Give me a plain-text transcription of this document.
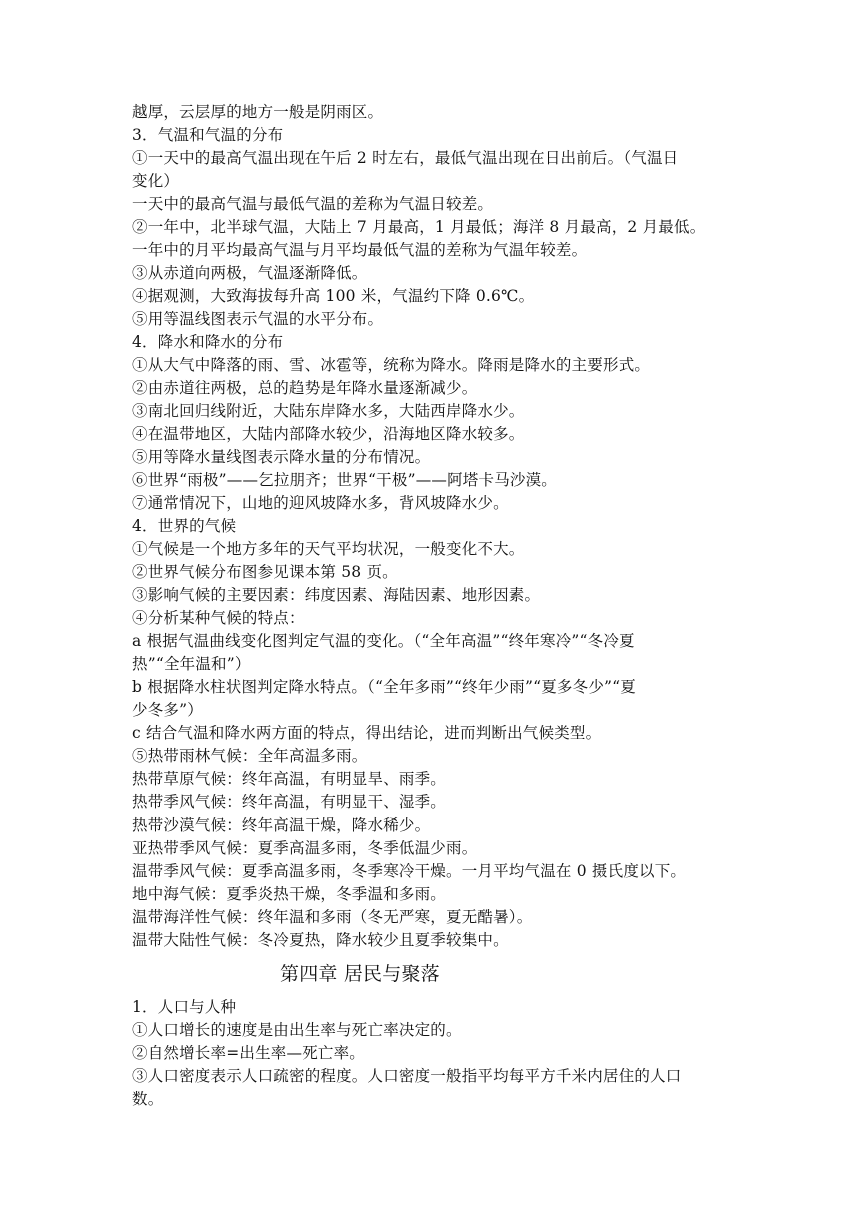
越厚，云层厚的地方一般是阴雨区。
3．气温和气温的分布
①一天中的最高气温出现在午后 2 时左右，最低气温出现在日出前后。（气温日
变化）
一天中的最高气温与最低气温的差称为气温日较差。
②一年中，北半球气温，大陆上 7 月最高，1 月最低；海洋 8 月最高，2 月最低。
一年中的月平均最高气温与月平均最低气温的差称为气温年较差。
③从赤道向两极，气温逐渐降低。
④据观测，大致海拔每升高 100 米，气温约下降 0.6℃。
⑤用等温线图表示气温的水平分布。
4．降水和降水的分布
①从大气中降落的雨、雪、冰雹等，统称为降水。降雨是降水的主要形式。
②由赤道往两极，总的趋势是年降水量逐渐减少。
③南北回归线附近，大陆东岸降水多，大陆西岸降水少。
④在温带地区，大陆内部降水较少，沿海地区降水较多。
⑤用等降水量线图表示降水量的分布情况。
⑥世界“雨极”——乞拉朋齐；世界“干极”——阿塔卡马沙漠。
⑦通常情况下，山地的迎风坡降水多，背风坡降水少。
4．世界的气候
①气候是一个地方多年的天气平均状况，一般变化不大。
②世界气候分布图参见课本第 58 页。
③影响气候的主要因素：纬度因素、海陆因素、地形因素。
④分析某种气候的特点：
a 根据气温曲线变化图判定气温的变化。（“全年高温”“终年寒冷”“冬冷夏
热”“全年温和”）
b 根据降水柱状图判定降水特点。（“全年多雨”“终年少雨”“夏多冬少”“夏
少冬多”）
c 结合气温和降水两方面的特点，得出结论，进而判断出气候类型。
⑤热带雨林气候：全年高温多雨。
热带草原气候：终年高温，有明显旱、雨季。
热带季风气候：终年高温，有明显干、湿季。
热带沙漠气候：终年高温干燥，降水稀少。
亚热带季风气候：夏季高温多雨，冬季低温少雨。
温带季风气候：夏季高温多雨，冬季寒冷干燥。一月平均气温在 0 摄氏度以下。
地中海气候：夏季炎热干燥，冬季温和多雨。
温带海洋性气候：终年温和多雨（冬无严寒，夏无酷暑）。
温带大陆性气候：冬冷夏热，降水较少且夏季较集中。
第四章 居民与聚落
1．人口与人种
①人口增长的速度是由出生率与死亡率决定的。
②自然增长率=出生率—死亡率。
③人口密度表示人口疏密的程度。人口密度一般指平均每平方千米内居住的人口
数。
